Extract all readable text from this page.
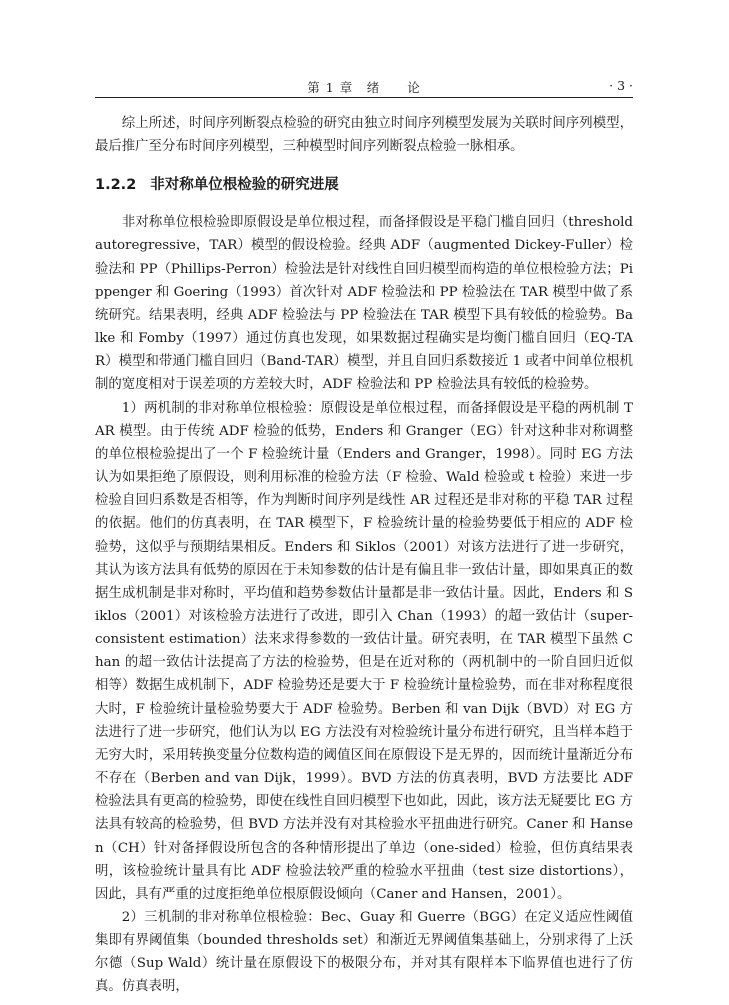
第 1 章　绪　　论	· 3 ·

综上所述，时间序列断裂点检验的研究由独立时间序列模型发展为关联时间序列模型，最后推广至分布时间序列模型，三种模型时间序列断裂点检验一脉相承。

1.2.2 非对称单位根检验的研究进展

非对称单位根检验即原假设是单位根过程，而备择假设是平稳门槛自回归（threshold autoregressive，TAR）模型的假设检验。经典 ADF（augmented Dickey-Fuller）检验法和 PP（Phillips-Perron）检验法是针对线性自回归模型而构造的单位根检验方法；Pippenger 和 Goering（1993）首次针对 ADF 检验法和 PP 检验法在 TAR 模型中做了系统研究。结果表明，经典 ADF 检验法与 PP 检验法在 TAR 模型下具有较低的检验势。Balke 和 Fomby（1997）通过仿真也发现，如果数据过程确实是均衡门槛自回归（EQ-TAR）模型和带通门槛自回归（Band-TAR）模型，并且自回归系数接近 1 或者中间单位根机制的宽度相对于误差项的方差较大时，ADF 检验法和 PP 检验法具有较低的检验势。

1）两机制的非对称单位根检验：原假设是单位根过程，而备择假设是平稳的两机制 TAR 模型。由于传统 ADF 检验的低势，Enders 和 Granger（EG）针对这种非对称调整的单位根检验提出了一个 F 检验统计量（Enders and Granger，1998）。同时 EG 方法认为如果拒绝了原假设，则利用标准的检验方法（F 检验、Wald 检验或 t 检验）来进一步检验自回归系数是否相等，作为判断时间序列是线性 AR 过程还是非对称的平稳 TAR 过程的依据。他们的仿真表明，在 TAR 模型下，F 检验统计量的检验势要低于相应的 ADF 检验势，这似乎与预期结果相反。Enders 和 Siklos（2001）对该方法进行了进一步研究，其认为该方法具有低势的原因在于未知参数的估计是有偏且非一致估计量，即如果真正的数据生成机制是非对称时，平均值和趋势参数估计量都是非一致估计量。因此，Enders 和 Siklos（2001）对该检验方法进行了改进，即引入 Chan（1993）的超一致估计（super-consistent estimation）法来求得参数的一致估计量。研究表明，在 TAR 模型下虽然 Chan 的超一致估计法提高了方法的检验势，但是在近对称的（两机制中的一阶自回归近似相等）数据生成机制下，ADF 检验势还是要大于 F 检验统计量检验势，而在非对称程度很大时，F 检验统计量检验势要大于 ADF 检验势。Berben 和 van Dijk（BVD）对 EG 方法进行了进一步研究，他们认为以 EG 方法没有对检验统计量分布进行研究，且当样本趋于无穷大时，采用转换变量分位数构造的阈值区间在原假设下是无界的，因而统计量渐近分布不存在（Berben and van Dijk，1999）。BVD 方法的仿真表明，BVD 方法要比 ADF 检验法具有更高的检验势，即使在线性自回归模型下也如此，因此，该方法无疑要比 EG 方法具有较高的检验势，但 BVD 方法并没有对其检验水平扭曲进行研究。Caner 和 Hansen（CH）针对备择假设所包含的各种情形提出了单边（one-sided）检验，但仿真结果表明，该检验统计量具有比 ADF 检验法较严重的检验水平扭曲（test size distortions），因此，具有严重的过度拒绝单位根原假设倾向（Caner and Hansen，2001）。

2）三机制的非对称单位根检验：Bec、Guay 和 Guerre（BGG）在定义适应性阈值集即有界阈值集（bounded thresholds set）和渐近无界阈值集基础上，分别求得了上沃尔德（Sup Wald）统计量在原假设下的极限分布，并对其有限样本下临界值也进行了仿真。仿真表明，
